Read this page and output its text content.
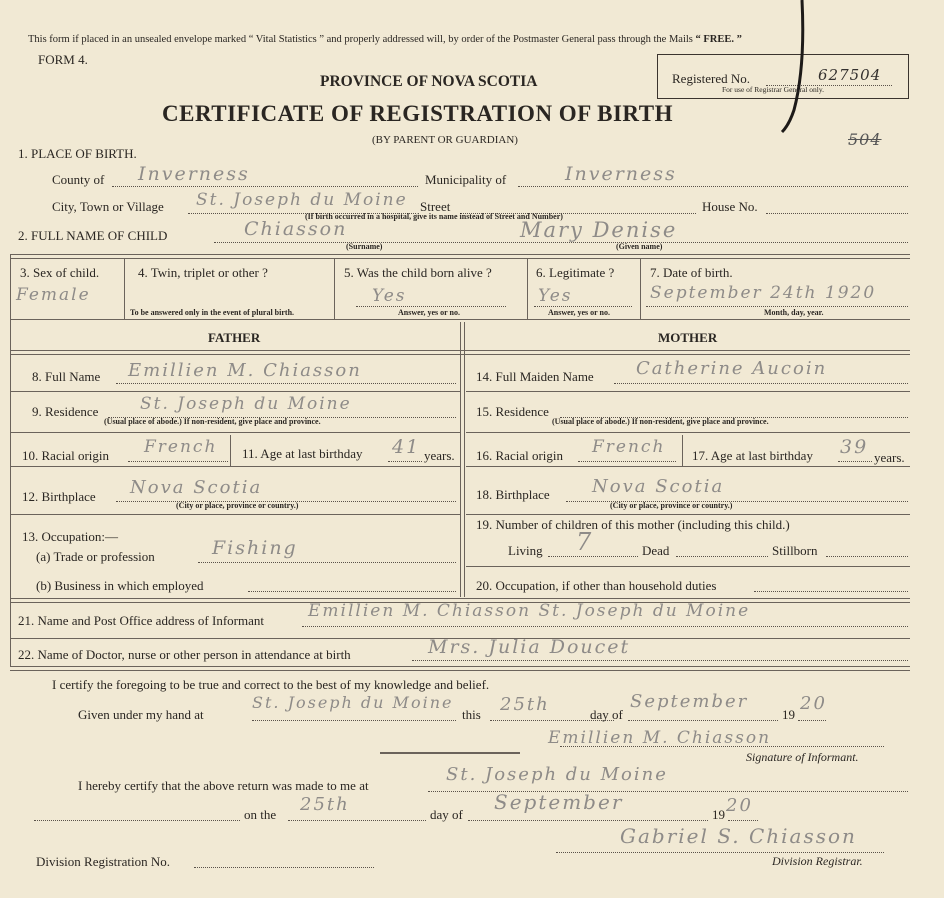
This form if placed in an unsealed envelope marked “ Vital Statistics ” and properly addressed will, by order of the Postmaster General pass through the Mails “ FREE. ”
FORM 4.
PROVINCE OF NOVA SCOTIA
CERTIFICATE OF REGISTRATION OF BIRTH
(BY PARENT OR GUARDIAN)
Registered No.	627504
For use of Registrar General only.
504
1. PLACE OF BIRTH.
County of Inverness	Municipality of	Inverness
City, Town or Village St. Joseph du Moine Street	House No.
(If birth occurred in a hospital, give its name instead of Street and Number)
2. FULL NAME OF CHILD	Chiasson
(Surname)
Mary Denise
(Given name)
3. Sex of child.
Female
4. Twin, triplet or other ?
To be answered only in the event of plural birth.
5. Was the child born alive ?
Yes
Answer, yes or no.
6. Legitimate ?
Yes
Answer, yes or no.
7. Date of birth.
September 24th 1920
Month, day, year.
FATHER	MOTHER
8. Full Name Emillien M. Chiasson
9. Residence St. Joseph du Moine
(Usual place of abode.) If non-resident, give place and province.
10. Racial origin French 11. Age at last birthday 41 years.
12. Birthplace Nova Scotia
(City or place, province or country.)
13. Occupation:—
(a) Trade or profession	Fishing
(b) Business in which employed
14. Full Maiden Name Catherine Aucoin
15. Residence
(Usual place of abode.) If non-resident, give place and province.
16. Racial origin French 17. Age at last birthday 39 years.
18. Birthplace Nova Scotia
(City or place, province or country.)
19. Number of children of this mother (including this child.)
Living 7	Dead	Stillborn
20. Occupation, if other than household duties
21. Name and Post Office address of Informant	Emillien M. Chiasson St. Joseph du Moine
22. Name of Doctor, nurse or other person in attendance at birth	Mrs. Julia Doucet
I certify the foregoing to be true and correct to the best of my knowledge and belief.
Given under my hand at
St. Joseph du Moine
this 25th	day of
September
19
20
Emillien M. Chiasson
Signature of Informant.
I hereby certify that the above return was made to me at
St. Joseph du Moine
on the 25th	day of
September
19 20
Gabriel S. Chiasson
Division Registration No.	Division Registrar.
